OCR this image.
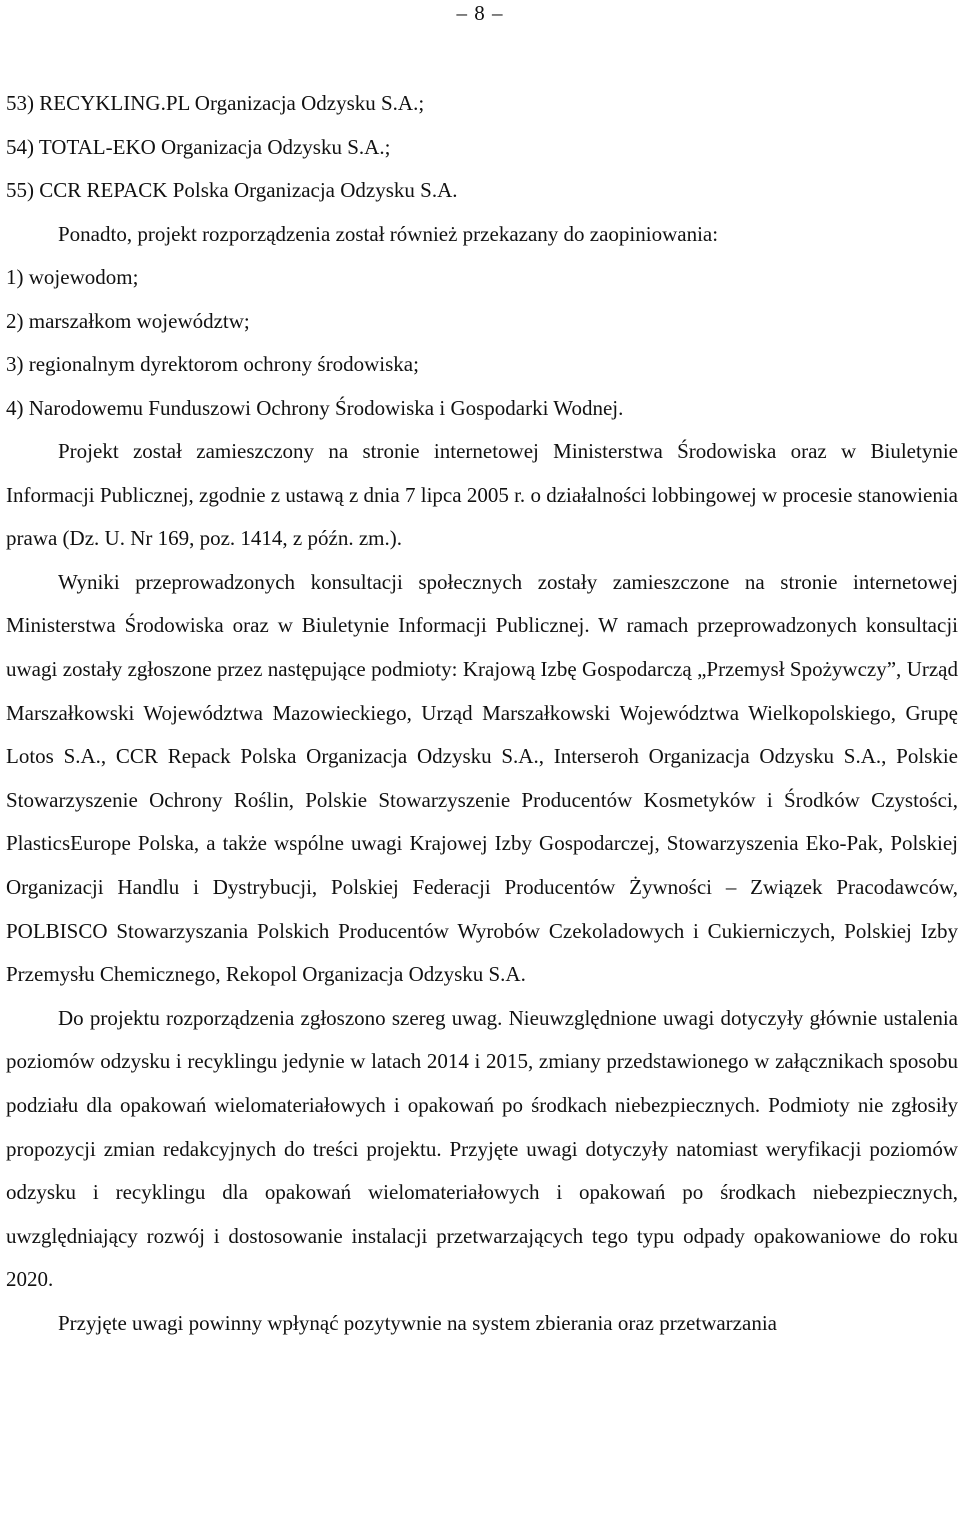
– 8 –

53) RECYKLING.PL Organizacja Odzysku S.A.;

54) TOTAL-EKO Organizacja Odzysku S.A.;

55) CCR REPACK Polska Organizacja Odzysku S.A.

Ponadto, projekt rozporządzenia został również przekazany do zaopiniowania:

1) wojewodom;

2) marszałkom województw;

3) regionalnym dyrektorom ochrony środowiska;

4) Narodowemu Funduszowi Ochrony Środowiska i Gospodarki Wodnej.

Projekt został zamieszczony na stronie internetowej Ministerstwa Środowiska oraz w Biuletynie Informacji Publicznej, zgodnie z ustawą z dnia 7 lipca 2005 r. o działalności lobbingowej w procesie stanowienia prawa (Dz. U. Nr 169, poz. 1414, z późn. zm.).

Wyniki przeprowadzonych konsultacji społecznych zostały zamieszczone na stronie internetowej Ministerstwa Środowiska oraz w Biuletynie Informacji Publicznej. W ramach przeprowadzonych konsultacji uwagi zostały zgłoszone przez następujące podmioty: Krajową Izbę Gospodarczą „Przemysł Spożywczy”, Urząd Marszałkowski Województwa Mazowieckiego, Urząd Marszałkowski Województwa Wielkopolskiego, Grupę Lotos S.A., CCR Repack Polska Organizacja Odzysku S.A., Interseroh Organizacja Odzysku S.A., Polskie Stowarzyszenie Ochrony Roślin, Polskie Stowarzyszenie Producentów Kosmetyków i Środków Czystości, PlasticsEurope Polska, a także wspólne uwagi Krajowej Izby Gospodarczej, Stowarzyszenia Eko-Pak, Polskiej Organizacji Handlu i Dystrybucji, Polskiej Federacji Producentów Żywności – Związek Pracodawców, POLBISCO Stowarzyszania Polskich Producentów Wyrobów Czekoladowych i Cukierniczych, Polskiej Izby Przemysłu Chemicznego, Rekopol Organizacja Odzysku S.A.

Do projektu rozporządzenia zgłoszono szereg uwag. Nieuwzględnione uwagi dotyczyły głównie ustalenia poziomów odzysku i recyklingu jedynie w latach 2014 i 2015, zmiany przedstawionego w załącznikach sposobu podziału dla opakowań wielomateriałowych i opakowań po środkach niebezpiecznych. Podmioty nie zgłosiły propozycji zmian redakcyjnych do treści projektu. Przyjęte uwagi dotyczyły natomiast weryfikacji poziomów odzysku i recyklingu dla opakowań wielomateriałowych i opakowań po środkach niebezpiecznych, uwzględniający rozwój i dostosowanie instalacji przetwarzających tego typu odpady opakowaniowe do roku 2020.

Przyjęte uwagi powinny wpłynąć pozytywnie na system zbierania oraz przetwarzania
